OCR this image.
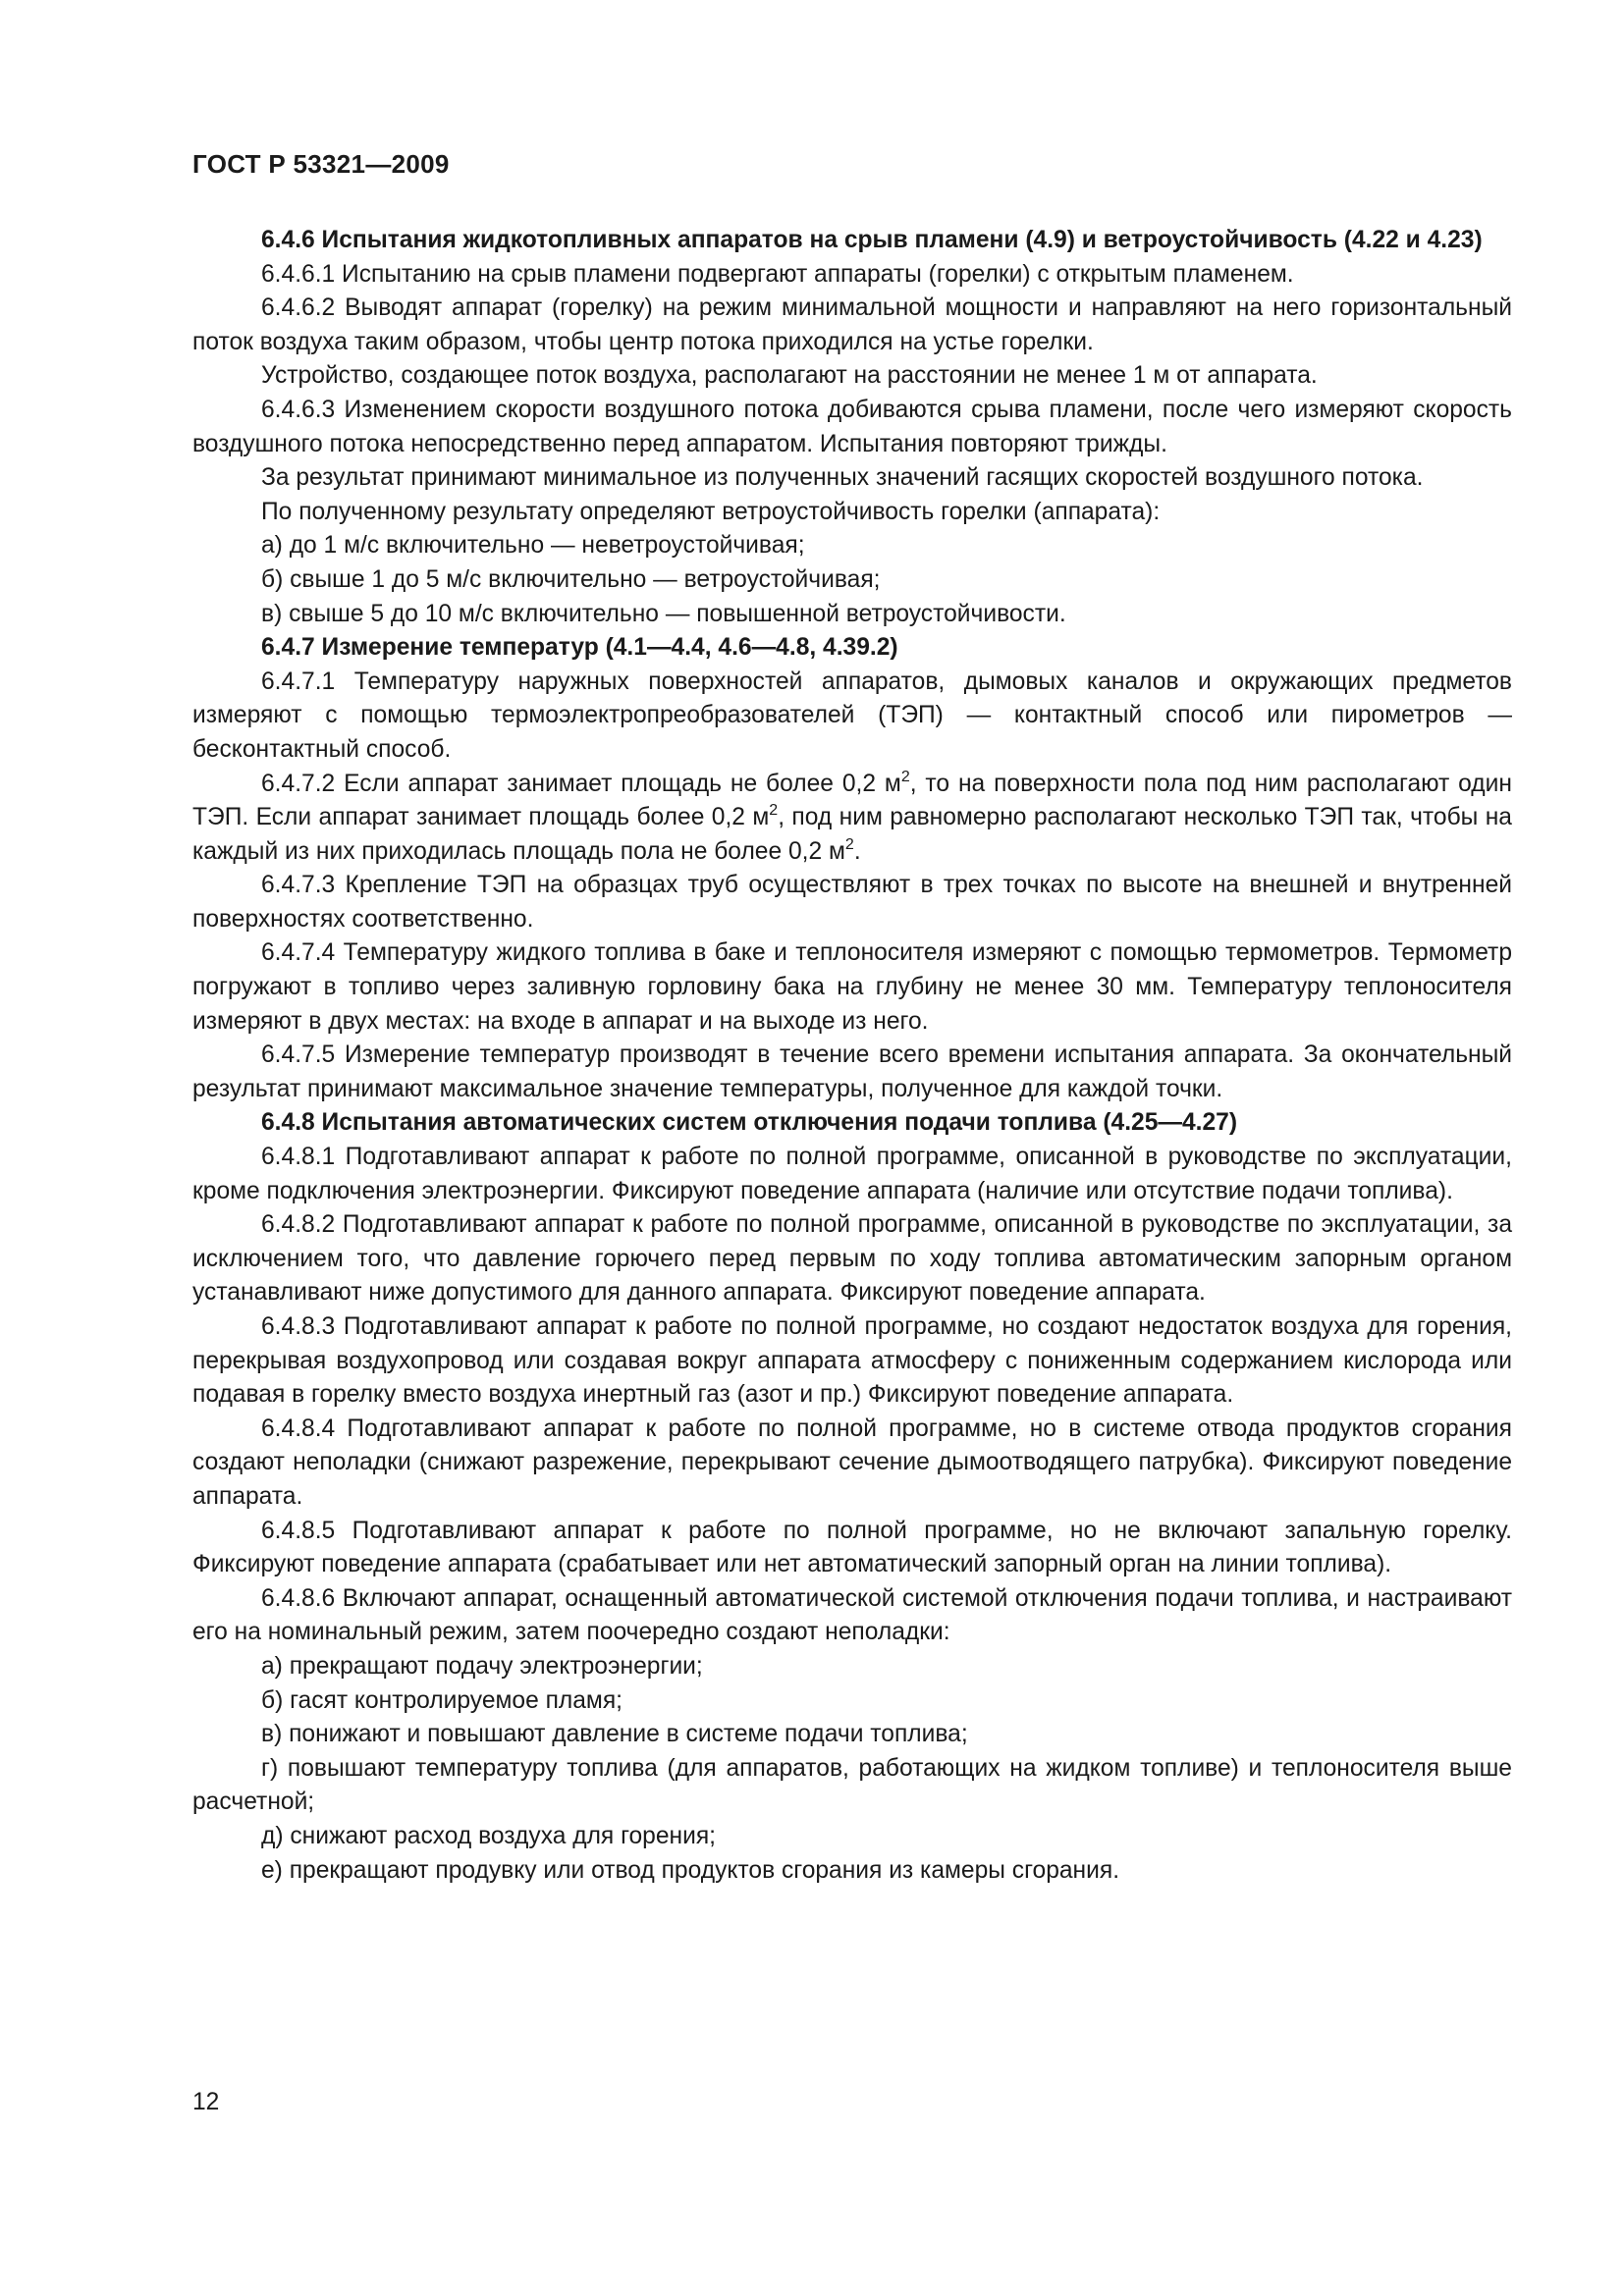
ГОСТ Р 53321—2009

6.4.6 Испытания жидкотопливных аппаратов на срыв пламени (4.9) и ветроустойчивость (4.22 и 4.23)

6.4.6.1 Испытанию на срыв пламени подвергают аппараты (горелки) с открытым пламенем.

6.4.6.2 Выводят аппарат (горелку) на режим минимальной мощности и направляют на него горизонтальный поток воздуха таким образом, чтобы центр потока приходился на устье горелки.

Устройство, создающее поток воздуха, располагают на расстоянии не менее 1 м от аппарата.

6.4.6.3 Изменением скорости воздушного потока добиваются срыва пламени, после чего измеряют скорость воздушного потока непосредственно перед аппаратом. Испытания повторяют трижды.

За результат принимают минимальное из полученных значений гасящих скоростей воздушного потока.

По полученному результату определяют ветроустойчивость горелки (аппарата):

а) до 1 м/с включительно — неветроустойчивая;

б) свыше 1 до 5 м/с включительно — ветроустойчивая;

в) свыше 5 до 10 м/с включительно — повышенной ветроустойчивости.

6.4.7 Измерение температур (4.1—4.4, 4.6—4.8, 4.39.2)

6.4.7.1 Температуру наружных поверхностей аппаратов, дымовых каналов и окружающих предметов измеряют с помощью термоэлектропреобразователей (ТЭП) — контактный способ или пирометров — бесконтактный способ.

6.4.7.2 Если аппарат занимает площадь не более 0,2 $м^2$, то на поверхности пола под ним располагают один ТЭП. Если аппарат занимает площадь более 0,2 $м^2$, под ним равномерно располагают несколько ТЭП так, чтобы на каждый из них приходилась площадь пола не более 0,2 $м^2$.

6.4.7.3 Крепление ТЭП на образцах труб осуществляют в трех точках по высоте на внешней и внутренней поверхностях соответственно.

6.4.7.4 Температуру жидкого топлива в баке и теплоносителя измеряют с помощью термометров. Термометр погружают в топливо через заливную горловину бака на глубину не менее 30 мм. Температуру теплоносителя измеряют в двух местах: на входе в аппарат и на выходе из него.

6.4.7.5 Измерение температур производят в течение всего времени испытания аппарата. За окончательный результат принимают максимальное значение температуры, полученное для каждой точки.

6.4.8 Испытания автоматических систем отключения подачи топлива (4.25—4.27)

6.4.8.1 Подготавливают аппарат к работе по полной программе, описанной в руководстве по эксплуатации, кроме подключения электроэнергии. Фиксируют поведение аппарата (наличие или отсутствие подачи топлива).

6.4.8.2 Подготавливают аппарат к работе по полной программе, описанной в руководстве по эксплуатации, за исключением того, что давление горючего перед первым по ходу топлива автоматическим запорным органом устанавливают ниже допустимого для данного аппарата. Фиксируют поведение аппарата.

6.4.8.3 Подготавливают аппарат к работе по полной программе, но создают недостаток воздуха для горения, перекрывая воздухопровод или создавая вокруг аппарата атмосферу с пониженным содержанием кислорода или подавая в горелку вместо воздуха инертный газ (азот и пр.) Фиксируют поведение аппарата.

6.4.8.4 Подготавливают аппарат к работе по полной программе, но в системе отвода продуктов сгорания создают неполадки (снижают разрежение, перекрывают сечение дымоотводящего патрубка). Фиксируют поведение аппарата.

6.4.8.5 Подготавливают аппарат к работе по полной программе, но не включают запальную горелку. Фиксируют поведение аппарата (срабатывает или нет автоматический запорный орган на линии топлива).

6.4.8.6 Включают аппарат, оснащенный автоматической системой отключения подачи топлива, и настраивают его на номинальный режим, затем поочередно создают неполадки:

а) прекращают подачу электроэнергии;

б) гасят контролируемое пламя;

в) понижают и повышают давление в системе подачи топлива;

г) повышают температуру топлива (для аппаратов, работающих на жидком топливе) и теплоносителя выше расчетной;

д) снижают расход воздуха для горения;

е) прекращают продувку или отвод продуктов сгорания из камеры сгорания.

12
